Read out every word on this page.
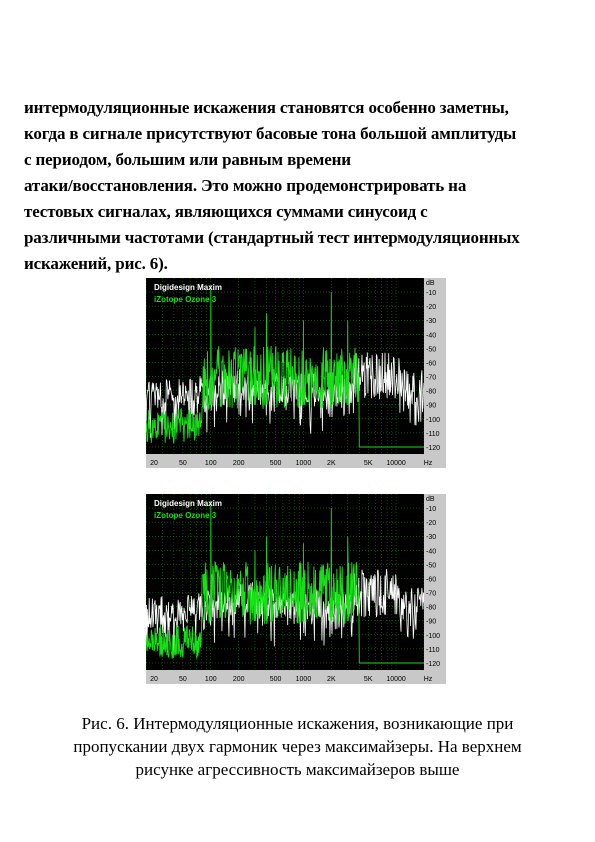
интермодуляционные искажения становятся особенно заметны,
когда в сигнале присутствуют басовые тона большой амплитуды
с периодом, большим или равным времени
атаки/восстановления. Это можно продемонстрировать на
тестовых сигналах, являющихся суммами синусоид с
различными частотами (стандартный тест интермодуляционных
искажений, рис. 6).
Digidesign Maxim
iZotope Ozone 3
dB
-10
-20
-30
-40
-50
-60
-70
-80
-90
-100
-110
-120
20	50	100 200	500 1000 2K	5K 10000	Hz
Digidesign Maxim
iZotope Ozone 3
dB
-10
-20
-30
-40
-50
-60
-70
-80
-90
-100
-110
-120
20	50	100 200	500 1000 2K	5K 10000	Hz
Рис. 6. Интермодуляционные искажения, возникающие при
пропускании двух гармоник через максимайзеры. На верхнем
рисунке агрессивность максимайзеров выше
